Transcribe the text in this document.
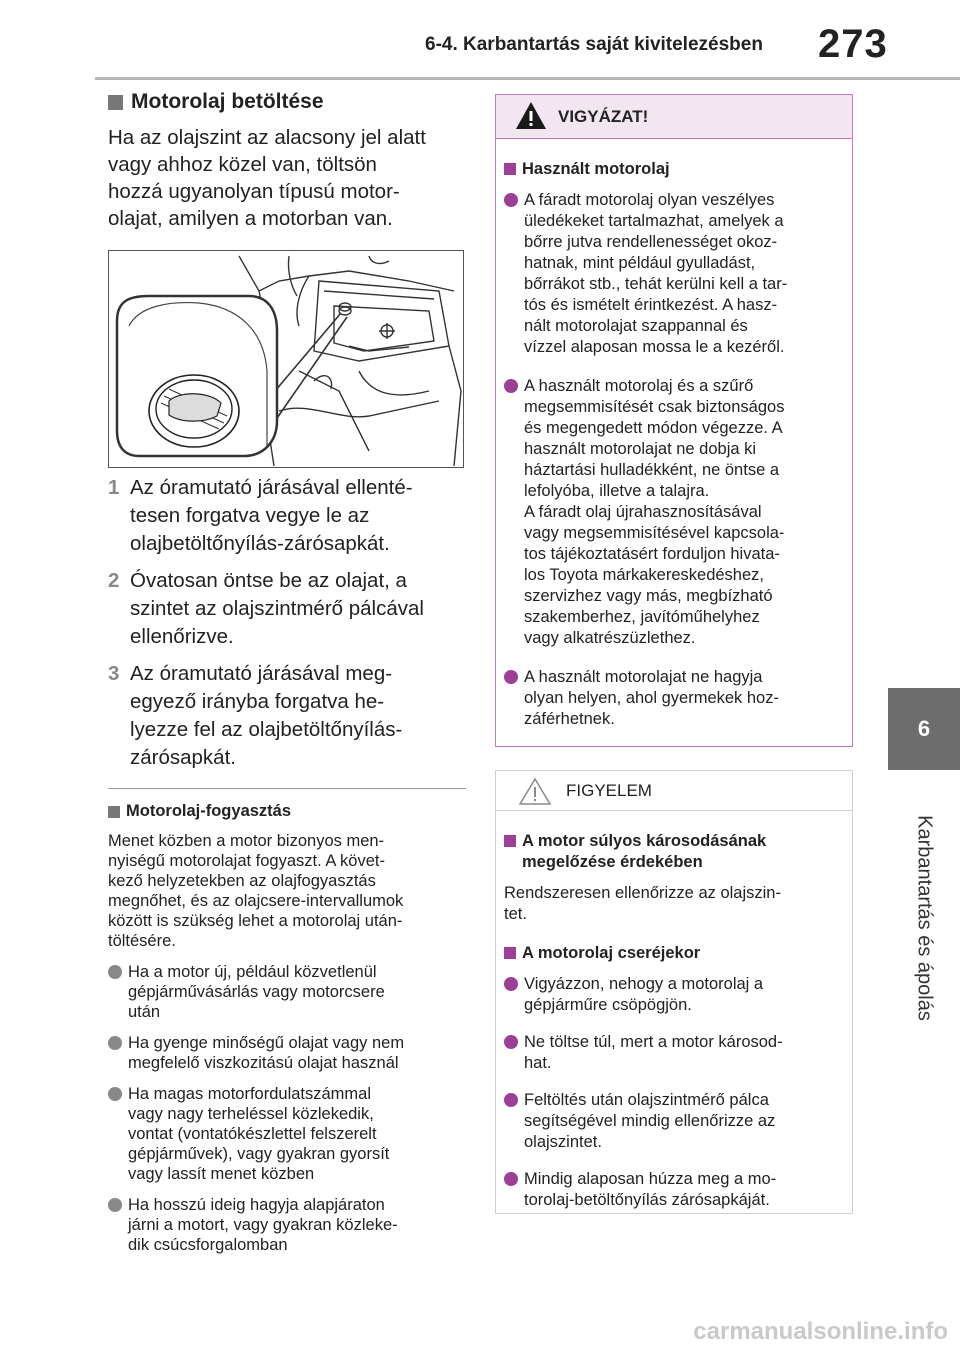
6-4. Karbantartás saját kivitelezésben 273
6
Karbantartás és ápolás
Motorolaj betöltése
Ha az olajszint az alacsony jel alatt
vagy ahhoz közel van, töltsön
hozzá ugyanolyan típusú motor-
olajat, amilyen a motorban van.
1 Az óramutató járásával ellenté-
tesen forgatva vegye le az
olajbetöltőnyílás-zárósapkát.
2 Óvatosan öntse be az olajat, a
szintet az olajszintmérő pálcával
ellenőrizve.
3 Az óramutató járásával meg-
egyező irányba forgatva he-
lyezze fel az olajbetöltőnyílás-
zárósapkát.
Motorolaj-fogyasztás
Menet közben a motor bizonyos men-
nyiségű motorolajat fogyaszt. A követ-
kező helyzetekben az olajfogyasztás
megnőhet, és az olajcsere-intervallumok
között is szükség lehet a motorolaj után-
töltésére.
Ha a motor új, például közvetlenül
gépjárművásárlás vagy motorcsere
után
Ha gyenge minőségű olajat vagy nem
megfelelő viszkozitású olajat használ
Ha magas motorfordulatszámmal
vagy nagy terheléssel közlekedik,
vontat (vontatókészlettel felszerelt
gépjárművek), vagy gyakran gyorsít
vagy lassít menet közben
Ha hosszú ideig hagyja alapjáraton
járni a motort, vagy gyakran közleke-
dik csúcsforgalomban
VIGYÁZAT!
Használt motorolaj
A fáradt motorolaj olyan veszélyes
üledékeket tartalmazhat, amelyek a
bőrre jutva rendellenességet okoz-
hatnak, mint például gyulladást,
bőrrákot stb., tehát kerülni kell a tar-
tós és ismételt érintkezést. A hasz-
nált motorolajat szappannal és
vízzel alaposan mossa le a kezéről.
A használt motorolaj és a szűrő
megsemmisítését csak biztonságos
és megengedett módon végezze. A
használt motorolajat ne dobja ki
háztartási hulladékként, ne öntse a
lefolyóba, illetve a talajra.
A fáradt olaj újrahasznosításával
vagy megsemmisítésével kapcsola-
tos tájékoztatásért forduljon hivata-
los Toyota márkakereskedéshez,
szervizhez vagy más, megbízható
szakemberhez, javítóműhelyhez
vagy alkatrészüzlethez.
A használt motorolajat ne hagyja
olyan helyen, ahol gyermekek hoz-
záférhetnek.
FIGYELEM
A motor súlyos károsodásának
megelőzése érdekében
Rendszeresen ellenőrizze az olajszin-
tet.
A motorolaj cseréjekor
Vigyázzon, nehogy a motorolaj a
gépjárműre csöpögjön.
Ne töltse túl, mert a motor károsod-
hat.
Feltöltés után olajszintmérő pálca
segítségével mindig ellenőrizze az
olajszintet.
Mindig alaposan húzza meg a mo-
torolaj-betöltőnyílás zárósapkáját.
carmanualsonline.info
